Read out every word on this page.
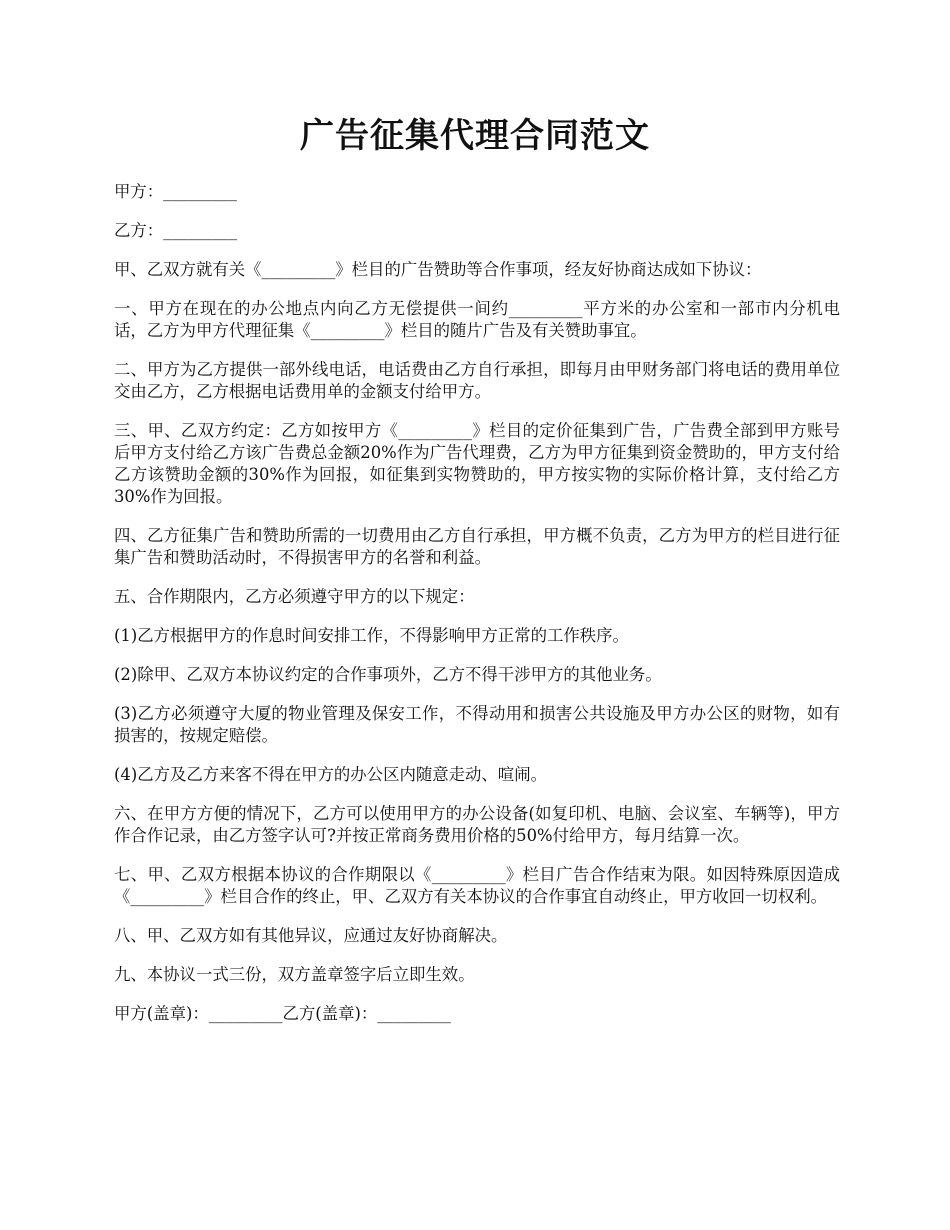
广告征集代理合同范文

甲方：_________

乙方：_________

甲、乙双方就有关《_________》栏目的广告赞助等合作事项，经友好协商达成如下协议：

一、甲方在现在的办公地点内向乙方无偿提供一间约_________平方米的办公室和一部市内分机电话，乙方为甲方代理征集《_________》栏目的随片广告及有关赞助事宜。

二、甲方为乙方提供一部外线电话，电话费由乙方自行承担，即每月由甲财务部门将电话的费用单位交由乙方，乙方根据电话费用单的金额支付给甲方。

三、甲、乙双方约定：乙方如按甲方《_________》栏目的定价征集到广告，广告费全部到甲方账号后甲方支付给乙方该广告费总金额20%作为广告代理费，乙方为甲方征集到资金赞助的，甲方支付给乙方该赞助金额的30%作为回报，如征集到实物赞助的，甲方按实物的实际价格计算，支付给乙方30%作为回报。

四、乙方征集广告和赞助所需的一切费用由乙方自行承担，甲方概不负责，乙方为甲方的栏目进行征集广告和赞助活动时，不得损害甲方的名誉和利益。

五、合作期限内，乙方必须遵守甲方的以下规定：

(1)乙方根据甲方的作息时间安排工作，不得影响甲方正常的工作秩序。

(2)除甲、乙双方本协议约定的合作事项外，乙方不得干涉甲方的其他业务。

(3)乙方必须遵守大厦的物业管理及保安工作，不得动用和损害公共设施及甲方办公区的财物，如有损害的，按规定赔偿。

(4)乙方及乙方来客不得在甲方的办公区内随意走动、喧闹。

六、在甲方方便的情况下，乙方可以使用甲方的办公设备(如复印机、电脑、会议室、车辆等)，甲方作合作记录，由乙方签字认可?并按正常商务费用价格的50%付给甲方，每月结算一次。

七、甲、乙双方根据本协议的合作期限以《_________》栏目广告合作结束为限。如因特殊原因造成《_________》栏目合作的终止，甲、乙双方有关本协议的合作事宜自动终止，甲方收回一切权利。

八、甲、乙双方如有其他异议，应通过友好协商解决。

九、本协议一式三份，双方盖章签字后立即生效。

甲方(盖章)：_________乙方(盖章)：_________
